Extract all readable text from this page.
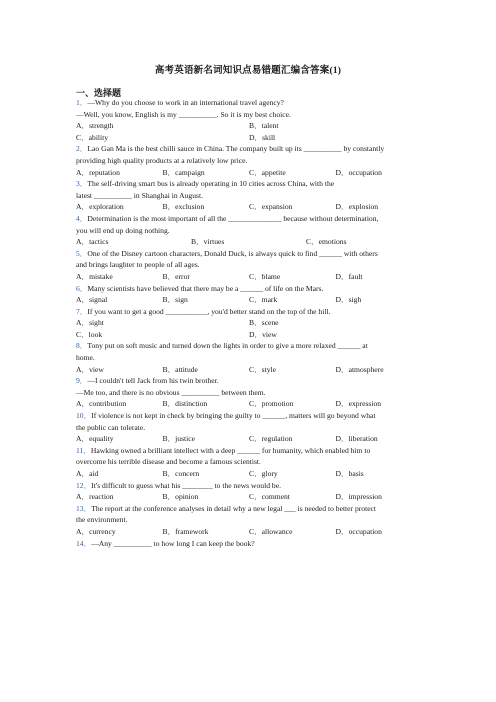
高考英语新名词知识点易错题汇编含答案(1)
一、选择题
1．—Why do you choose to work in an international travel agency?
—Well, you know, English is my __________. So it is my best choice.
A．strength	B．talent
C．ability	D．skill
2．Lao Gan Ma is the best chilli sauce in China. The company built up its __________ by constantly
providing high quality products at a relatively low price.
A．reputation	B．campaign	C．appetite	D．occupation
3．The self-driving smart bus is already operating in 10 cities across China, with the
latest __________ in Shanghai in August.
A．exploration	B．exclusion	C．expansion	D．explosion
4．Determination is the most important of all the ______________ because without determination,
you will end up doing nothing.
A．tactics	B．virtues	C．emotions
5．One of the Disney cartoon characters, Donald Duck, is always quick to find ______ with others
and brings laughter to people of all ages.
A．mistake	B．error	C．blame	D．fault
6．Many scientists have believed that there may be a ______ of life on the Mars.
A．signal	B．sign	C．mark	D．sigh
7．If you want to get a good ___________, you'd better stand on the top of the hill.
A．sight	B．scene
C．look	D．view
8．Tony put on soft music and turned down the lights in order to give a more relaxed ______ at
home.
A．view	B．attitude	C．style	D．atmosphere
9．—I couldn't tell Jack from his twin brother.
—Me too, and there is no obvious __________ between them.
A．contribution	B．distinction	C．promotion	D．expression
10．If violence is not kept in check by bringing the guilty to ______, matters will go beyond what
the public can tolerate.
A．equality	B．justice	C．regulation	D．liberation
11．Hawking owned a brilliant intellect with a deep ______ for humanity, which enabled him to
overcome his terrible disease and become a famous scientist.
A．aid	B．concern	C．glory	D．basis
12．It's difficult to guess what his ________ to the news would be.
A．reaction	B．opinion	C．comment	D．impression
13．The report at the conference analyses in detail why a new legal ___ is needed to better protect
the environment.
A．currency	B．framework	C．allowance	D．occupation
14．—Any __________ to how long I can keep the book?
